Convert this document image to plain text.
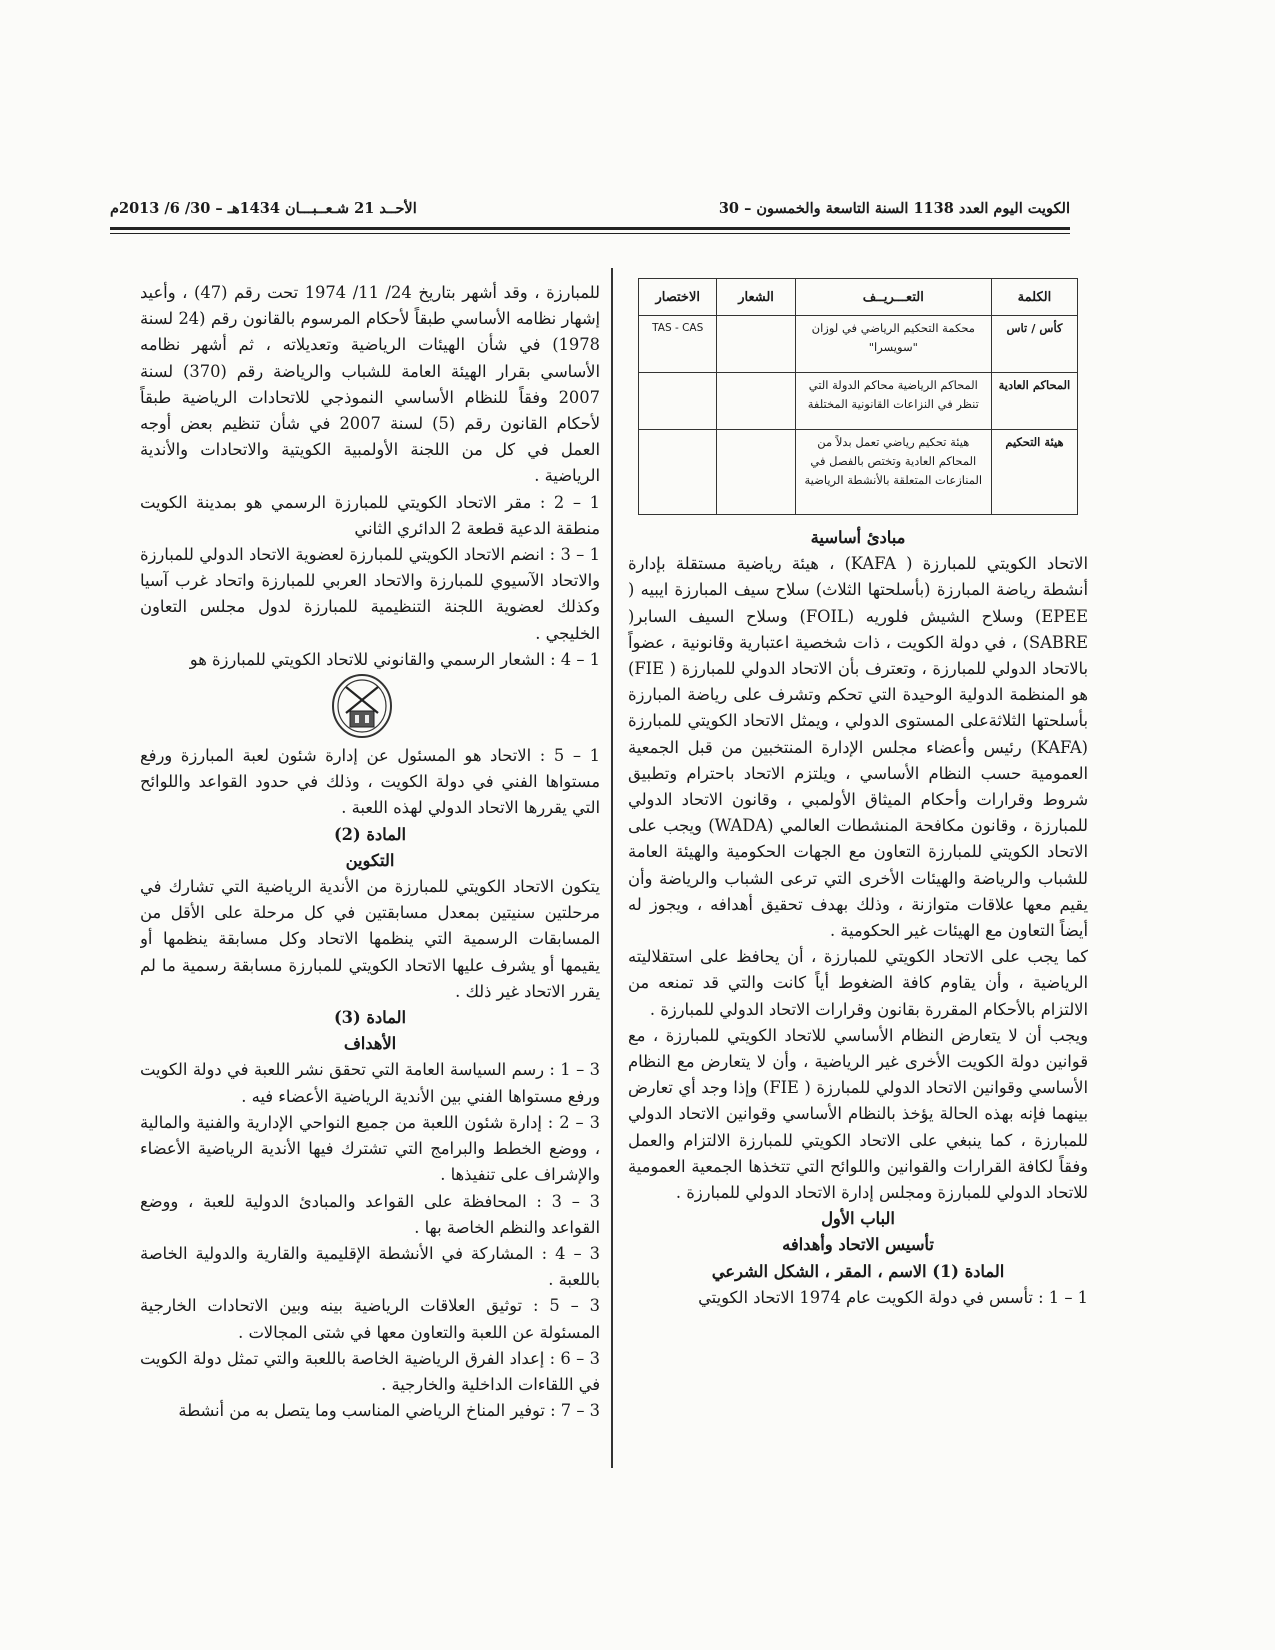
الكويت اليوم العدد 1138 السنة التاسعة والخمسون – 30
الأحــد 21 شـعــبـــان 1434هـ – 30/ 6/ 2013م
الكلمة	التعـــريــف	الشعار	الاختصار
كأس / تاس	محكمة التحكيم الرياضي في لوزان "سويسرا"		TAS - CAS
المحاكم العادية	المحاكم الرياضية محاكم الدولة التي تنظر في النزاعات القانونية المختلفة		
هيئة التحكيم	هيئة تحكيم رياضي تعمل بدلاً من المحاكم العادية وتختص بالفصل في المنازعات المتعلقة بالأنشطة الرياضية		

مبادئ أساسية

الاتحاد الكويتي للمبارزة ( KAFA) ، هيئة رياضية مستقلة بإدارة أنشطة رياضة المبارزة (بأسلحتها الثلاث) سلاح سيف المبارزة ايبيه ( EPEE) وسلاح الشيش فلوريه (FOIL) وسلاح السيف السابر( SABRE) ، في دولة الكويت ، ذات شخصية اعتبارية وقانونية ، عضواً بالاتحاد الدولي للمبارزة ، وتعترف بأن الاتحاد الدولي للمبارزة ( FIE) هو المنظمة الدولية الوحيدة التي تحكم وتشرف على رياضة المبارزة بأسلحتها الثلاثةعلى المستوى الدولي ، ويمثل الاتحاد الكويتي للمبارزة (KAFA) رئيس وأعضاء مجلس الإدارة المنتخبين من قبل الجمعية العمومية حسب النظام الأساسي ، ويلتزم الاتحاد باحترام وتطبيق شروط وقرارات وأحكام الميثاق الأولمبي ، وقانون الاتحاد الدولي للمبارزة ، وقانون مكافحة المنشطات العالمي (WADA) ويجب على الاتحاد الكويتي للمبارزة التعاون مع الجهات الحكومية والهيئة العامة للشباب والرياضة والهيئات الأخرى التي ترعى الشباب والرياضة وأن يقيم معها علاقات متوازنة ، وذلك بهدف تحقيق أهدافه ، ويجوز له أيضاً التعاون مع الهيئات غير الحكومية .

كما يجب على الاتحاد الكويتي للمبارزة ، أن يحافظ على استقلاليته الرياضية ، وأن يقاوم كافة الضغوط أياً كانت والتي قد تمنعه من الالتزام بالأحكام المقررة بقانون وقرارات الاتحاد الدولي للمبارزة .

ويجب أن لا يتعارض النظام الأساسي للاتحاد الكويتي للمبارزة ، مع قوانين دولة الكويت الأخرى غير الرياضية ، وأن لا يتعارض مع النظام الأساسي وقوانين الاتحاد الدولي للمبارزة ( FIE) وإذا وجد أي تعارض بينهما فإنه بهذه الحالة يؤخذ بالنظام الأساسي وقوانين الاتحاد الدولي للمبارزة ، كما ينبغي على الاتحاد الكويتي للمبارزة الالتزام والعمل وفقاً لكافة القرارات والقوانين واللوائح التي تتخذها الجمعية العمومية للاتحاد الدولي للمبارزة ومجلس إدارة الاتحاد الدولي للمبارزة .

الباب الأول

تأسيس الاتحاد وأهدافه

المادة (1) الاسم ، المقر ، الشكل الشرعي

1 – 1 : تأسس في دولة الكويت عام 1974 الاتحاد الكويتي

للمبارزة ، وقد أشهر بتاريخ 24/ 11/ 1974 تحت رقم (47) ، وأعيد إشهار نظامه الأساسي طبقاً لأحكام المرسوم بالقانون رقم (24 لسنة 1978) في شأن الهيئات الرياضية وتعديلاته ، ثم أشهر نظامه الأساسي بقرار الهيئة العامة للشباب والرياضة رقم (370) لسنة 2007 وفقاً للنظام الأساسي النموذجي للاتحادات الرياضية طبقاً لأحكام القانون رقم (5) لسنة 2007 في شأن تنظيم بعض أوجه العمل في كل من اللجنة الأولمبية الكويتية والاتحادات والأندية الرياضية .

1 – 2 : مقر الاتحاد الكويتي للمبارزة الرسمي هو بمدينة الكويت منطقة الدعية قطعة 2 الدائري الثاني

1 – 3 : انضم الاتحاد الكويتي للمبارزة لعضوية الاتحاد الدولي للمبارزة والاتحاد الآسيوي للمبارزة والاتحاد العربي للمبارزة واتحاد غرب آسيا وكذلك لعضوية اللجنة التنظيمية للمبارزة لدول مجلس التعاون الخليجي .

1 – 4 : الشعار الرسمي والقانوني للاتحاد الكويتي للمبارزة هو

1 – 5 : الاتحاد هو المسئول عن إدارة شئون لعبة المبارزة ورفع مستواها الفني في دولة الكويت ، وذلك في حدود القواعد واللوائح التي يقررها الاتحاد الدولي لهذه اللعبة .

المادة (2)

التكوين

يتكون الاتحاد الكويتي للمبارزة من الأندية الرياضية التي تشارك في مرحلتين سنيتين بمعدل مسابقتين في كل مرحلة على الأقل من المسابقات الرسمية التي ينظمها الاتحاد وكل مسابقة ينظمها أو يقيمها أو يشرف عليها الاتحاد الكويتي للمبارزة مسابقة رسمية ما لم يقرر الاتحاد غير ذلك .

المادة (3)

الأهداف

3 – 1 : رسم السياسة العامة التي تحقق نشر اللعبة في دولة الكويت ورفع مستواها الفني بين الأندية الرياضية الأعضاء فيه .

3 – 2 : إدارة شئون اللعبة من جميع النواحي الإدارية والفنية والمالية ، ووضع الخطط والبرامج التي تشترك فيها الأندية الرياضية الأعضاء والإشراف على تنفيذها .

3 – 3 : المحافظة على القواعد والمبادئ الدولية للعبة ، ووضع القواعد والنظم الخاصة بها .

3 – 4 : المشاركة في الأنشطة الإقليمية والقارية والدولية الخاصة باللعبة .

3 – 5 : توثيق العلاقات الرياضية بينه وبين الاتحادات الخارجية المسئولة عن اللعبة والتعاون معها في شتى المجالات .

3 – 6 : إعداد الفرق الرياضية الخاصة باللعبة والتي تمثل دولة الكويت في اللقاءات الداخلية والخارجية .

3 – 7 : توفير المناخ الرياضي المناسب وما يتصل به من أنشطة
